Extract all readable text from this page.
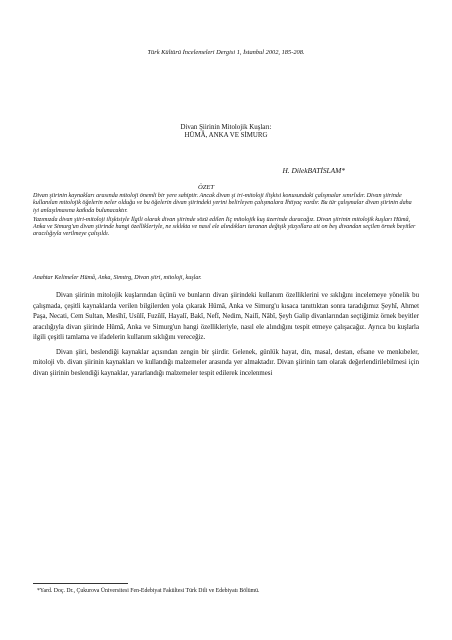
Türk Kültürü İncelemeleri Dergisi 1, İstanbul 2002, 185-208.
Divan Şiirinin Mitolojik Kuşları:
HÜMÂ, ANKA VE SİMURG
H. DilekBATİSLAM*
ÖZET

Divan şiirinin kaynakları arasında mitoloji önemli bir yere sahiptir. Ancak divan şi iri-mitoloji ilişkisi konusundaki çalışmalar sınırlıdır. Divan şiirinde kullanılan mitolojik öğelerin neler olduğu ve bu öğelerin divan şiirindeki yerini belirleyen çalışmalara İhtiyaç vardır. Bu tür çalışmalar divan şiirinin daha iyi anlaşılmasına katkıda bulunacaktır.

Yazımızda divan şiiri-mitoloji ilişkisiyle İlgili olarak divan şiirinde sözü edilen İiç mitolojik kuş üzerinde duracağız. Divan şiirinin mitolojik kuşları Hümâ, Anka ve Simurg'un divan şiirinde hangi özellikleriyle, ne sıklıkta ve nasıl ele alındıkları taranan değişik yüzyıllara ait on beş divandan seçilen örnek beyitler aracılığıyla verilmeye çalışıldı.

Anahtar Kelimeler Hümâ, Anka, Simıtrg, Divan şiiri, mitoloji, kuşlar.

Divan şiirinin mitolojik kuşlarından üçünü ve bunların divan şiirindeki kullanım özelliklerini ve sıklığını incelemeye yönelik bu çalışmada, çeşitli kaynaklarda verilen bilgilerden yola çıkarak Hümâ, Anka ve Simurg'u kısaca tanıttıktan sonra taradığımız Şeyhî, Ahmet Paşa, Necati, Cem Sultan, Mesîhî, Usûlî, Fuzûlî, Hayalî, Bakî, Nefî, Nedim, Nailî, Nâbî, Şeyh Galip divanlarından seçtiğimiz örnek beyitler aracılığıyla divan şiirinde Hümâ, Anka ve Simurg'un hangi özellikleriyle, nasıl ele alındığını tespit etmeye çalışacağız. Ayrıca bu kuşlarla ilgili çeşitli tamlama ve ifadelerin kullanım sıklığını vereceğiz.

Divan şiiri, beslendiği kaynaklar açısından zengin bir şiirdir. Gelenek, günlük hayat, din, masal, destan, efsane ve menkıbeler, mitoloji vb. divan şiirinin kaynakları ve kullandığı malzemeler arasında yer almaktadır. Divan şiirinin tam olarak değerlendirilebilmesi için divan şiirinin beslendiği kaynaklar, yararlandığı malzemeler tespit edilerek incelenmesi

*Yard. Doç. Dr., Çukurova Üniversitesi Fen-Edebiyat Fakültesi Türk Dili ve Edebiyatı Bölümü.
